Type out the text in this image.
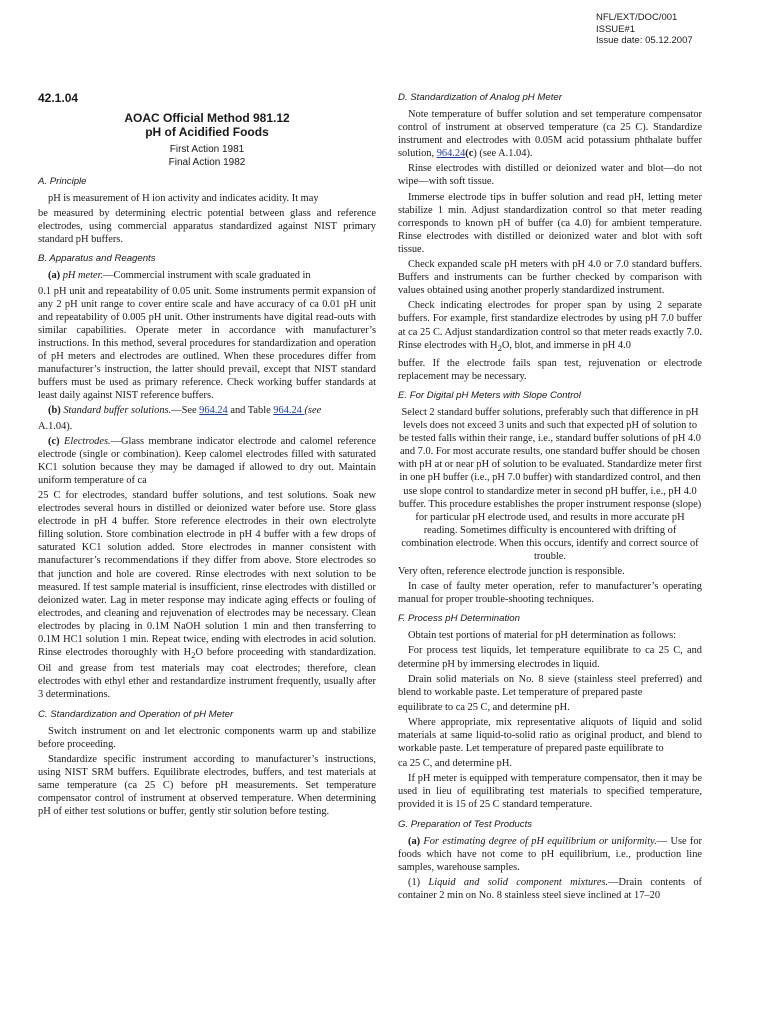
NFL/EXT/DOC/001
ISSUE#1
Issue date: 05.12.2007
42.1.04
AOAC Official Method 981.12
pH of Acidified Foods
First Action 1981
Final Action 1982
A. Principle

pH is measurement of H ion activity and indicates acidity. It may

be measured by determining electric potential between glass and reference electrodes, using commercial apparatus standardized against NIST primary standard pH buffers.

B. Apparatus and Reagents

(a) pH meter.—Commercial instrument with scale graduated in

0.1 pH unit and repeatability of 0.05 unit. Some instruments permit expansion of any 2 pH unit range to cover entire scale and have accuracy of ca 0.01 pH unit and repeatability of 0.005 pH unit. Other instruments have digital read-outs with similar capabilities. Operate meter in accordance with manufacturer’s instructions. In this method, several procedures for standardization and operation of pH meters and electrodes are outlined. When these procedures differ from manufacturer’s instruction, the latter should prevail, except that NIST standard buffers must be used as primary reference. Check working buffer standards at least daily against NIST reference buffers.

(b) Standard buffer solutions.—See 964.24 and Table 964.24 (see

A.1.04).

(c) Electrodes.—Glass membrane indicator electrode and calomel reference electrode (single or combination). Keep calomel electrodes filled with saturated KC1 solution because they may be damaged if allowed to dry out. Maintain uniform temperature of ca

25 C for electrodes, standard buffer solutions, and test solutions. Soak new electrodes several hours in distilled or deionized water before use. Store glass electrode in pH 4 buffer. Store reference electrodes in their own electrolyte filling solution. Store combination electrode in pH 4 buffer with a few drops of saturated KC1 solution added. Store electrodes in manner consistent with manufacturer’s recommendations if they differ from above. Store electrodes so that junction and hole are covered. Rinse electrodes with next solution to be measured. If test sample material is insufficient, rinse electrodes with distilled or deionized water. Lag in meter response may indicate aging effects or fouling of electrodes, and cleaning and rejuvenation of electrodes may be necessary. Clean electrodes by placing in 0.1M NaOH solution 1 min and then transferring to 0.1M HC1 solution 1 min. Repeat twice, ending with electrodes in acid solution. Rinse electrodes thoroughly with $H_2O$ before proceeding with standardization. Oil and grease from test materials may coat electrodes; therefore, clean electrodes with ethyl ether and restandardize instrument frequently, usually after 3 determinations.

C. Standardization and Operation of pH Meter

Switch instrument on and let electronic components warm up and stabilize before proceeding.

Standardize specific instrument according to manufacturer’s instructions, using NIST SRM buffers. Equilibrate electrodes, buffers, and test materials at same temperature (ca 25 C) before pH measurements. Set temperature compensator control of instrument at observed temperature. When determining pH of either test solutions or buffer, gently stir solution before testing.

D. Standardization of Analog pH Meter

Note temperature of buffer solution and set temperature compensator control of instrument at observed temperature (ca 25 C). Standardize instrument and electrodes with 0.05M acid potassium phthalate buffer solution, 964.24(c) (see A.1.04).

Rinse electrodes with distilled or deionized water and blot—do not wipe—with soft tissue.

Immerse electrode tips in buffer solution and read pH, letting meter stabilize 1 min. Adjust standardization control so that meter reading corresponds to known pH of buffer (ca 4.0) for ambient temperature. Rinse electrodes with distilled or deionized water and blot with soft tissue.

Check expanded scale pH meters with pH 4.0 or 7.0 standard buffers. Buffers and instruments can be further checked by comparison with values obtained using another properly standardized instrument.

Check indicating electrodes for proper span by using 2 separate buffers. For example, first standardize electrodes by using pH 7.0 buffer at ca 25 C. Adjust standardization control so that meter reads exactly 7.0. Rinse electrodes with $H_2O$, blot, and immerse in pH 4.0

buffer. If the electrode fails span test, rejuvenation or electrode replacement may be necessary.

E. For Digital pH Meters with Slope Control

Select 2 standard buffer solutions, preferably such that difference in pH levels does not exceed 3 units and such that expected pH of solution to be tested falls within their range, i.e., standard buffer solutions of pH 4.0 and 7.0. For most accurate results, one standard buffer should be chosen with pH at or near pH of solution to be evaluated. Standardize meter first in one pH buffer (i.e., pH 7.0 buffer) with standardized control, and then use slope control to standardize meter in second pH buffer, i.e., pH 4.0 buffer. This procedure establishes the proper instrument response (slope) for particular pH electrode used, and results in more accurate pH reading. Sometimes difficulty is encountered with drifting of combination electrode. When this occurs, identify and correct source of trouble.

Very often, reference electrode junction is responsible.

In case of faulty meter operation, refer to manufacturer’s operating manual for proper trouble-shooting techniques.

F. Process pH Determination

Obtain test portions of material for pH determination as follows:

For process test liquids, let temperature equilibrate to ca 25 C, and determine pH by immersing electrodes in liquid.

Drain solid materials on No. 8 sieve (stainless steel preferred) and blend to workable paste. Let temperature of prepared paste

equilibrate to ca 25 C, and determine pH.

Where appropriate, mix representative aliquots of liquid and solid materials at same liquid-to-solid ratio as original product, and blend to workable paste. Let temperature of prepared paste equilibrate to

ca 25 C, and determine pH.

If pH meter is equipped with temperature compensator, then it may be used in lieu of equilibrating test materials to specified temperature, provided it is 15 of 25 C standard temperature.

G. Preparation of Test Products

(a) For estimating degree of pH equilibrium or uniformity.— Use for foods which have not come to pH equilibrium, i.e., production line samples, warehouse samples.

(1) Liquid and solid component mixtures.—Drain contents of container 2 min on No. 8 stainless steel sieve inclined at 17–20
